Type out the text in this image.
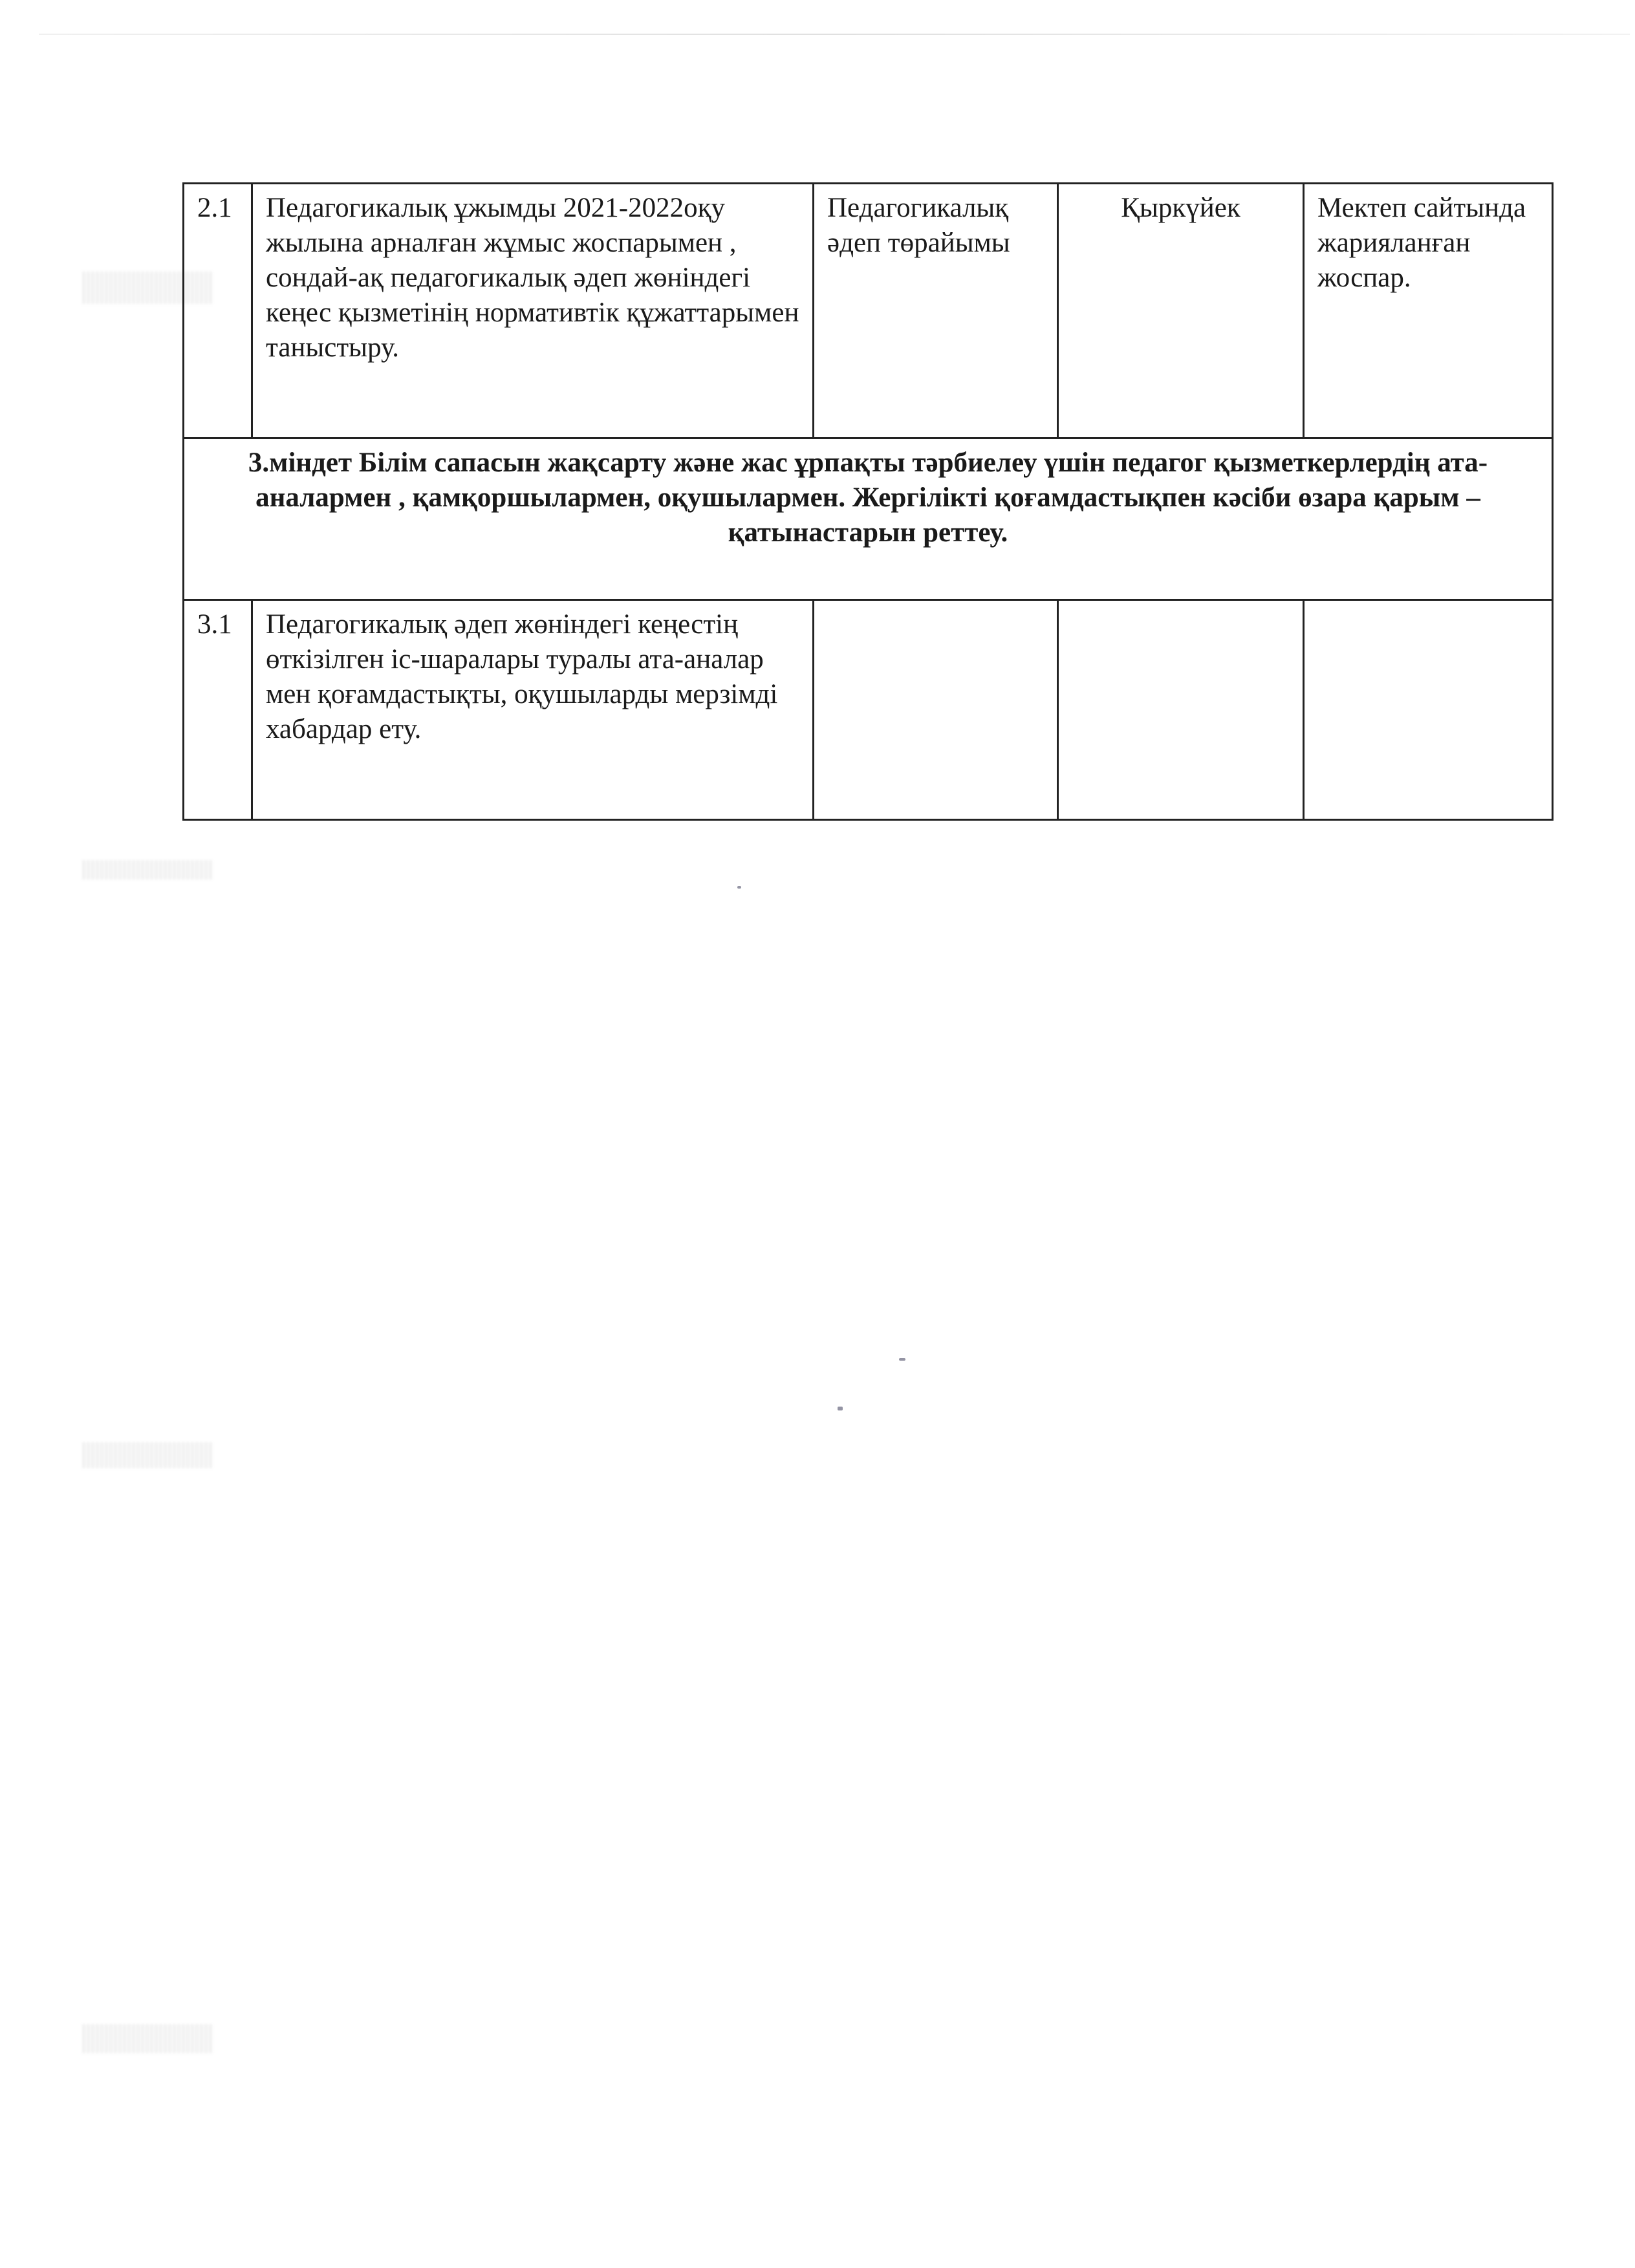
2.1	Педагогикалық ұжымды 2021-2022оқу жылына арналған жұмыс жоспарымен , сондай-ақ педагогикалық әдеп жөніндегі кеңес қызметінің нормативтік құжаттарымен таныстыру.	Педагогикалық әдеп төрайымы	Қыркүйек	Мектеп сайтында жарияланған жоспар.
3.міндет Білім сапасын жақсарту және жас ұрпақты тәрбиелеу үшін педагог қызметкерлердің ата- аналармен , қамқоршылармен, оқушылармен. Жергілікті қоғамдастықпен кәсіби өзара қарым – қатынастарын реттеу.				
3.1	Педагогикалық әдеп жөніндегі кеңестің өткізілген іс-шаралары туралы ата-аналар мен қоғамдастықты, оқушыларды мерзімді хабардар ету.			
